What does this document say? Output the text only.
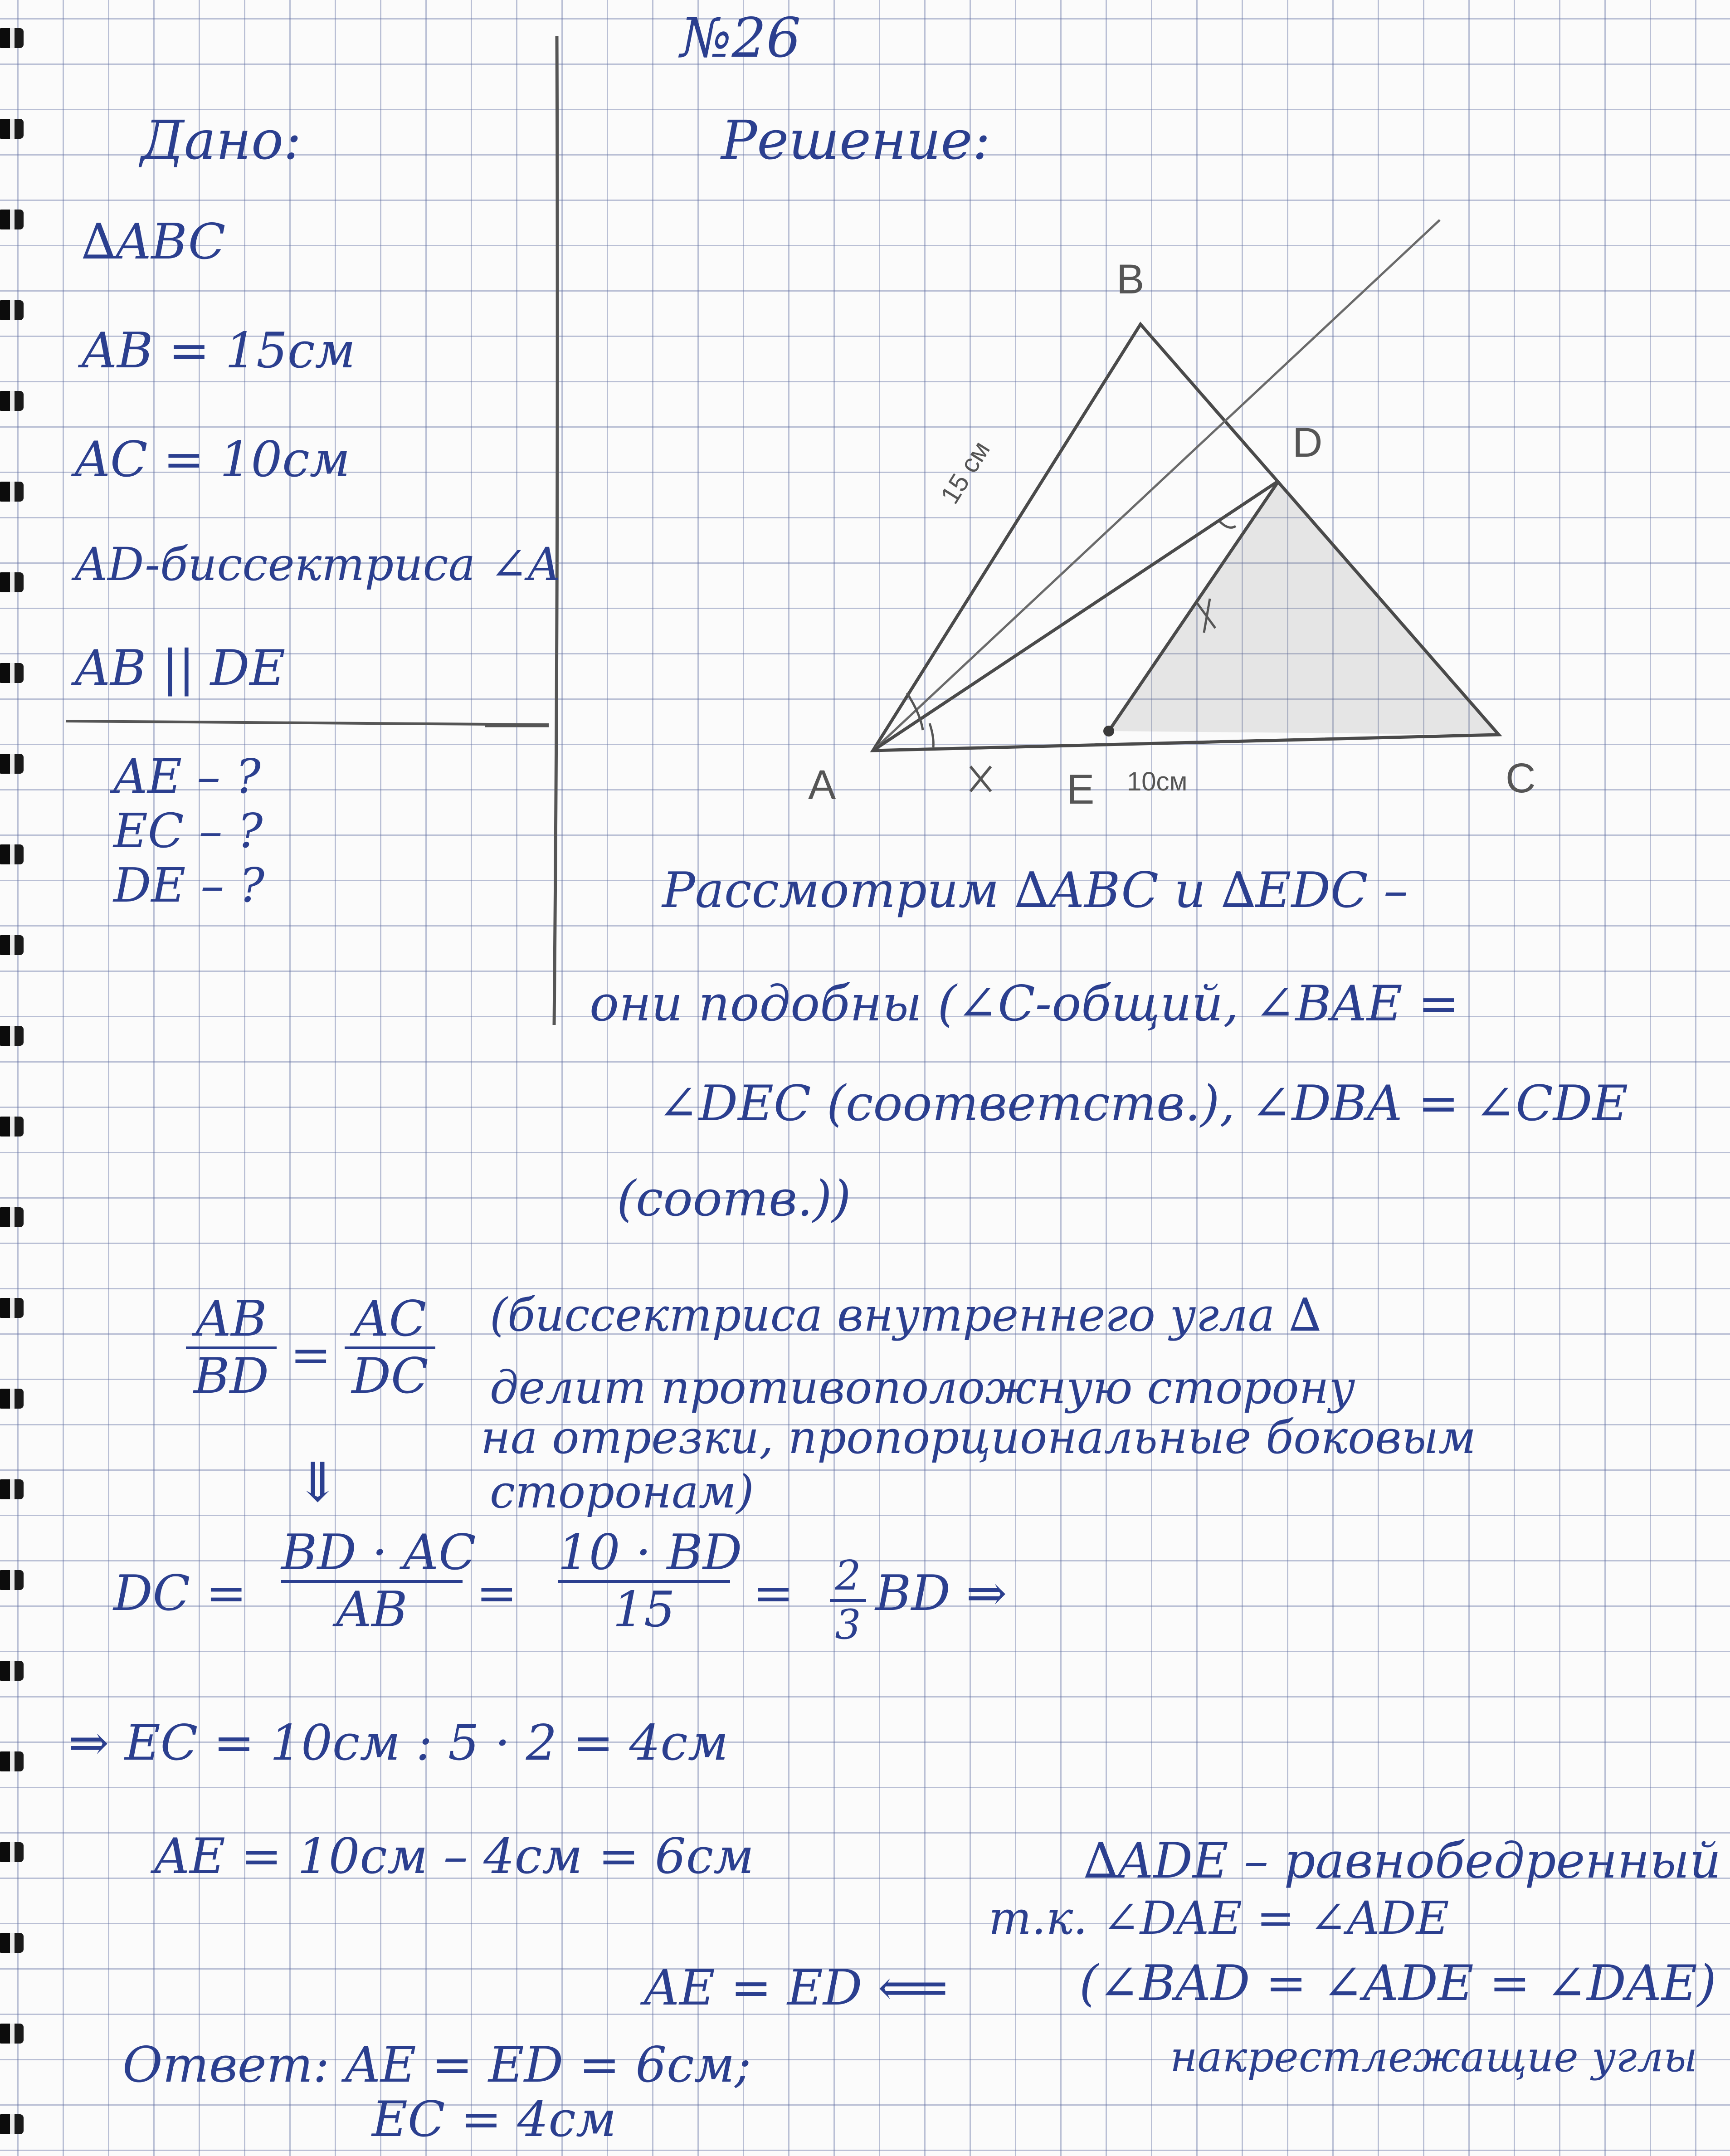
B
D
A	E	C
15 см
10см
№26
Дано:	Решение:
∆ABC
AB = 15см
AC = 10см
AD-биссектриса ∠A
AB || DE
AE – ?
EC – ?
DE – ?	Рассмотрим ∆ABC и ∆EDC –
они подобны (∠C-общий, ∠BAE =
∠DEC (соответств.), ∠DBA = ∠CDE
(соотв.))
AB
BD =
AC
DC
(биссектриса внутреннего угла ∆
делит противоположную сторону
на отрезки, пропорциональные боковым
сторонам)
⇓
DC =
BD · AC
AB	=
10 · BD
15	= 2
3
BD ⇒
⇒ EC = 10см : 5 · 2 = 4см
AE = 10см – 4см = 6см	∆ADE – равнобедренный
т.к. ∠DAE = ∠ADE
(∠BAD = ∠ADE = ∠DAE)
накрестлежащие углы
AE = ED ⟸
Ответ: AE = ED = 6см;
EC = 4см
